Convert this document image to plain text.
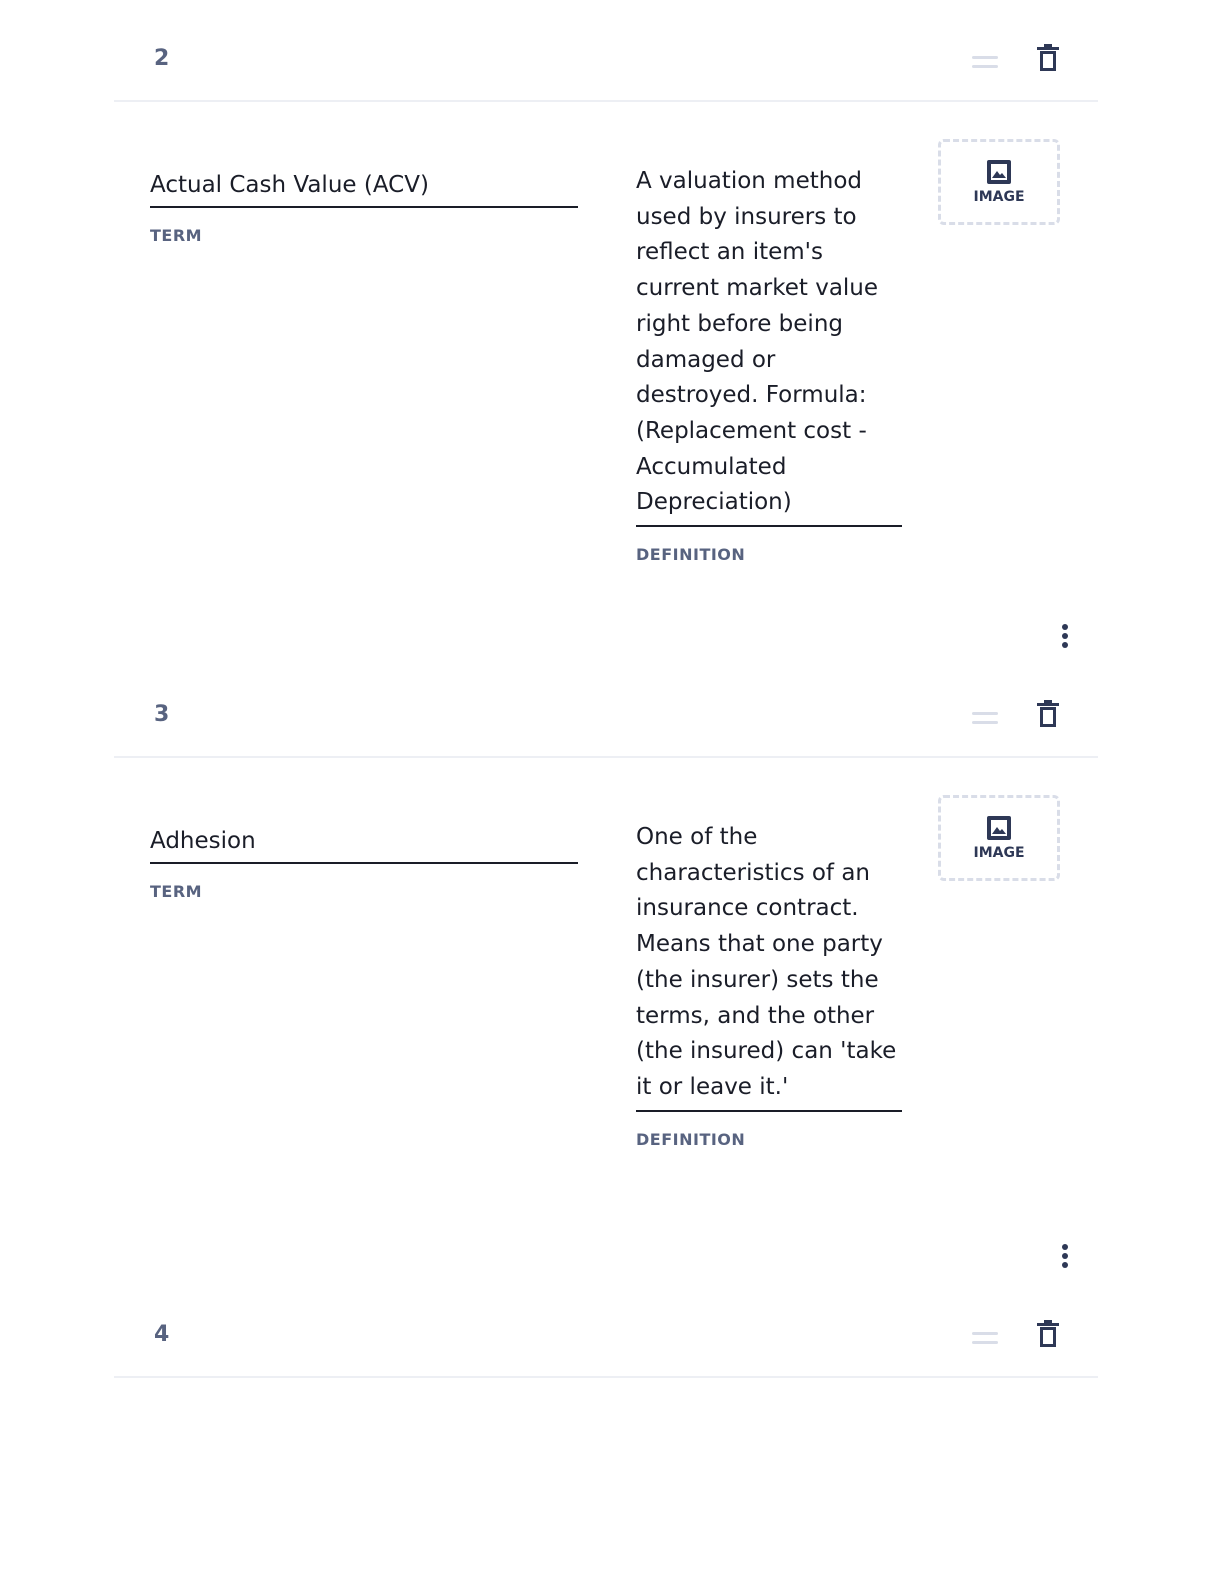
2
Actual Cash Value (ACV)
TERM
A valuation method used by insurers to reflect an item's current market value right before being damaged or destroyed. Formula: (Replacement cost - Accumulated Depreciation)
DEFINITION
IMAGE
3
Adhesion
TERM
One of the characteristics of an insurance contract. Means that one party (the insurer) sets the terms, and the other (the insured) can 'take it or leave it.'
DEFINITION
IMAGE
4
